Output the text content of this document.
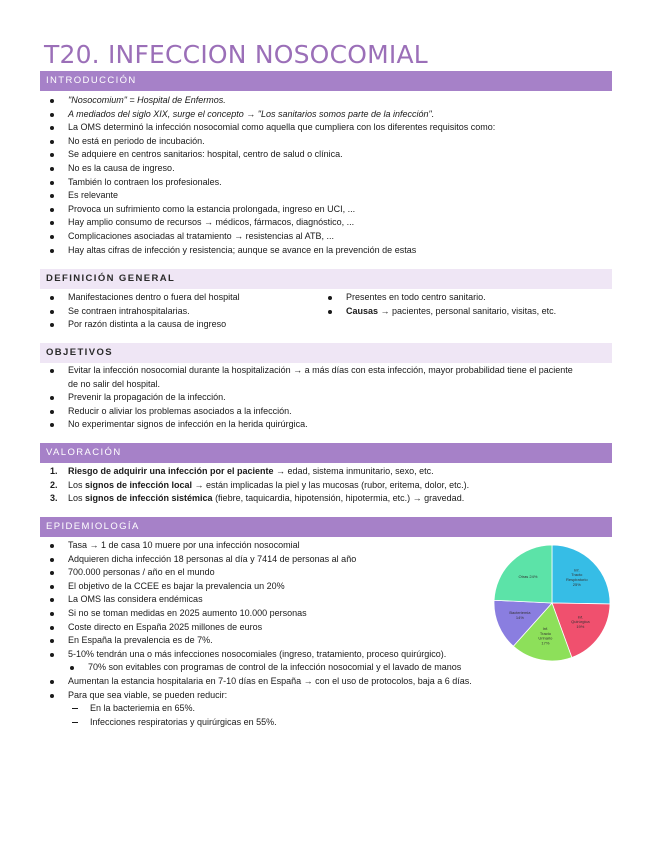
T20. INFECCION NOSOCOMIAL
INTRODUCCIÓN
"Nosocomium" = Hospital de Enfermos.
A mediados del siglo XIX, surge el concepto → "Los sanitarios somos parte de la infección".
La OMS determinó la infección nosocomial como aquella que cumpliera con los diferentes requisitos como:
No está en periodo de incubación.
Se adquiere en centros sanitarios: hospital, centro de salud o clínica.
No es la causa de ingreso.
También lo contraen los profesionales.
Es relevante
Provoca un sufrimiento como la estancia prolongada, ingreso en UCI, ...
Hay amplio consumo de recursos → médicos, fármacos, diagnóstico, ...
Complicaciones asociadas al tratamiento → resistencias al ATB, ...
Hay altas cifras de infección y resistencia; aunque se avance en la prevención de estas
DEFINICIÓN GENERAL
Manifestaciones dentro o fuera del hospital
Se contraen intrahospitalarias.
Por razón distinta a la causa de ingreso
Presentes en todo centro sanitario.
Causas → pacientes, personal sanitario, visitas, etc.
OBJETIVOS
Evitar la infección nosocomial durante la hospitalización → a más días con esta infección, mayor probabilidad tiene el paciente de no salir del hospital.
Prevenir la propagación de la infección.
Reducir o aliviar los problemas asociados a la infección.
No experimentar signos de infección en la herida quirúrgica.
VALORACIÓN
1. Riesgo de adquirir una infección por el paciente → edad, sistema inmunitario, sexo, etc.
2. Los signos de infección local → están implicadas la piel y las mucosas (rubor, eritema, dolor, etc.).
3. Los signos de infección sistémica (fiebre, taquicardia, hipotensión, hipotermia, etc.) → gravedad.
EPIDEMIOLOGÍA
Tasa → 1 de casa 10 muere por una infección nosocomial
Adquieren dicha infección 18 personas al día y 7414 de personas al año
700.000 personas / año en el mundo
El objetivo de la CCEE es bajar la prevalencia un 20%
La OMS las considera endémicas
Si no se toman medidas en 2025 aumento 10.000 personas
Coste directo en España 2025 millones de euros
En España la prevalencia es de 7%.
5-10% tendrán una o más infecciones nosocomiales (ingreso, tratamiento, proceso quirúrgico).
70% son evitables con programas de control de la infección nosocomial y el lavado de manos
Aumentan la estancia hospitalaria en 7-10 días en España → con el uso de protocolos, baja a 6 días.
Para que sea viable, se pueden reducir:
En la bacteriemia en 65%.
Infecciones respiratorias y quirúrgicas en 55%.
Inf. Tracto Respiratorio 25%
Inf. Quirúrgica 19%
Inf. Tracto Urinario 17%
Bacteriemia 14%
Otras 24%
